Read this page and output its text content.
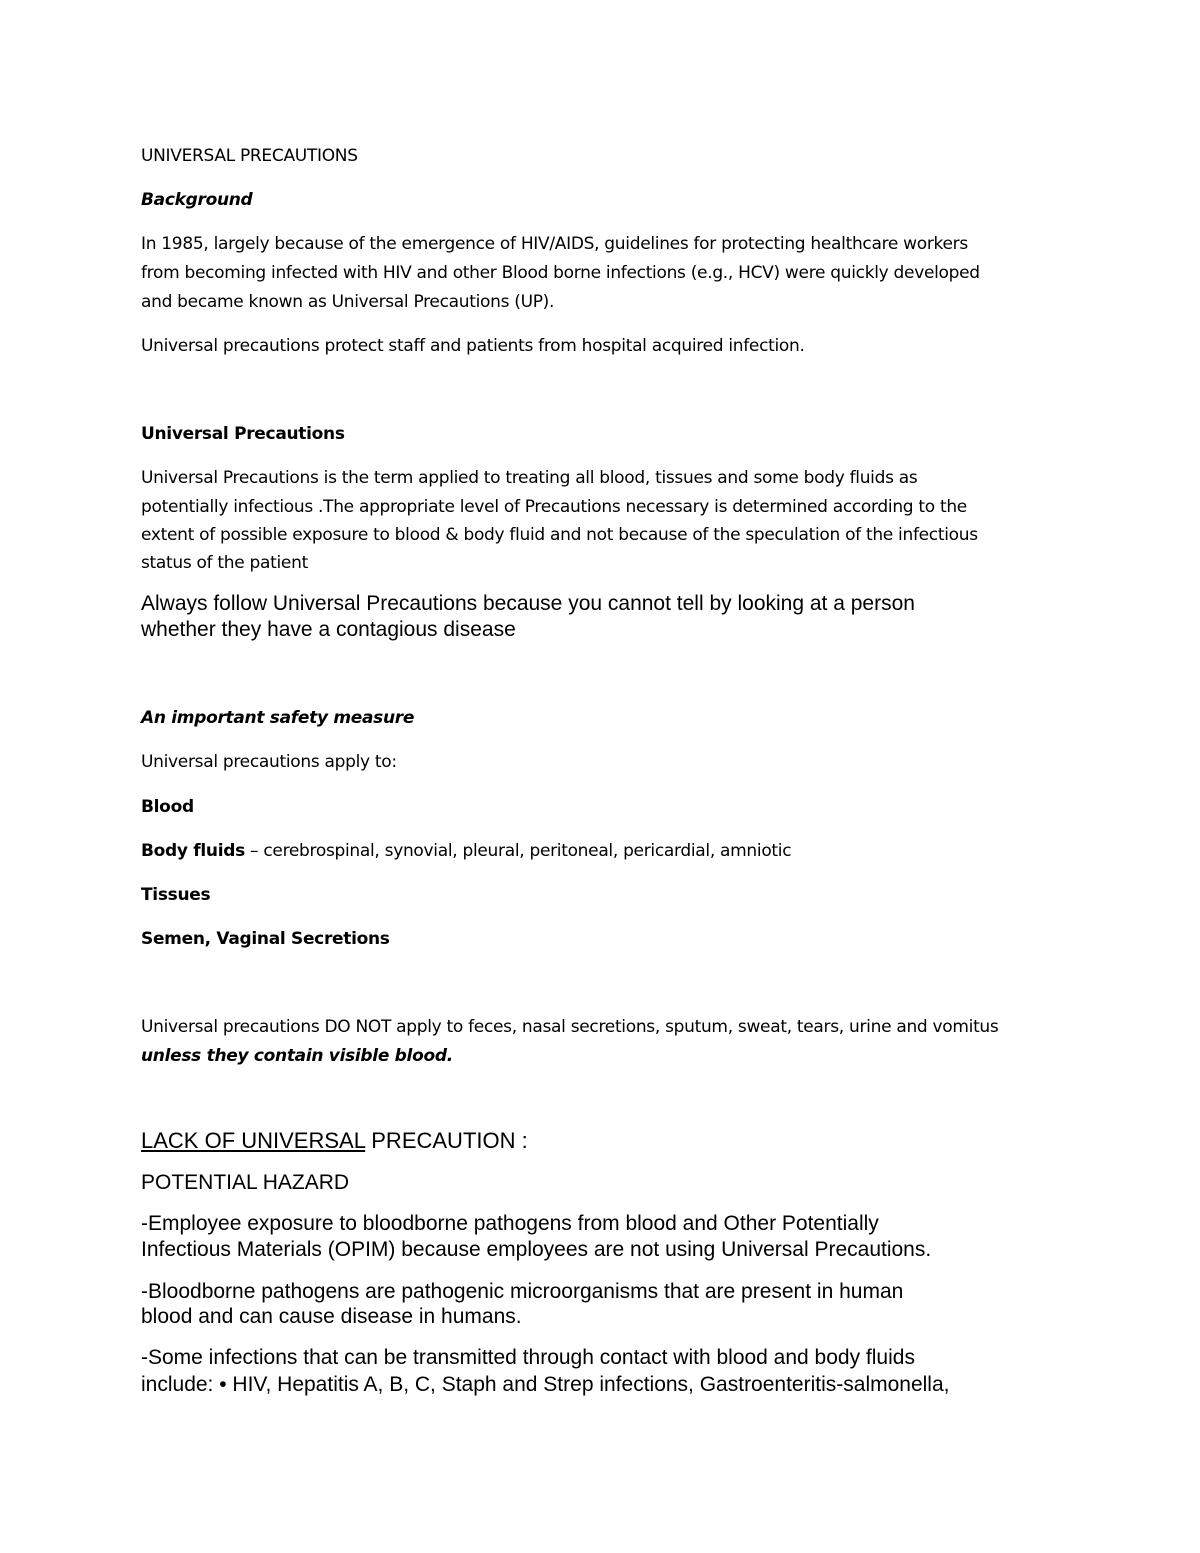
UNIVERSAL PRECAUTIONS

Background

In 1985, largely because of the emergence of HIV/AIDS, guidelines for protecting healthcare workers

from becoming infected with HIV and other Blood borne infections (e.g., HCV) were quickly developed

and became known as Universal Precautions (UP).

Universal precautions protect staff and patients from hospital acquired infection.

Universal Precautions

Universal Precautions is the term applied to treating all blood, tissues and some body fluids as

potentially infectious .The appropriate level of Precautions necessary is determined according to the

extent of possible exposure to blood & body fluid and not because of the speculation of the infectious

status of the patient

Always follow Universal Precautions because you cannot tell by looking at a person

whether they have a contagious disease

An important safety measure

Universal precautions apply to:

Blood

Body fluids – cerebrospinal, synovial, pleural, peritoneal, pericardial, amniotic

Tissues

Semen, Vaginal Secretions

Universal precautions DO NOT apply to feces, nasal secretions, sputum, sweat, tears, urine and vomitus

unless they contain visible blood.

LACK OF UNIVERSAL PRECAUTION :

POTENTIAL HAZARD

-Employee exposure to bloodborne pathogens from blood and Other Potentially

Infectious Materials (OPIM) because employees are not using Universal Precautions.

-Bloodborne pathogens are pathogenic microorganisms that are present in human

blood and can cause disease in humans.

-Some infections that can be transmitted through contact with blood and body fluids

include: • HIV, Hepatitis A, B, C, Staph and Strep infections, Gastroenteritis-salmonella,
